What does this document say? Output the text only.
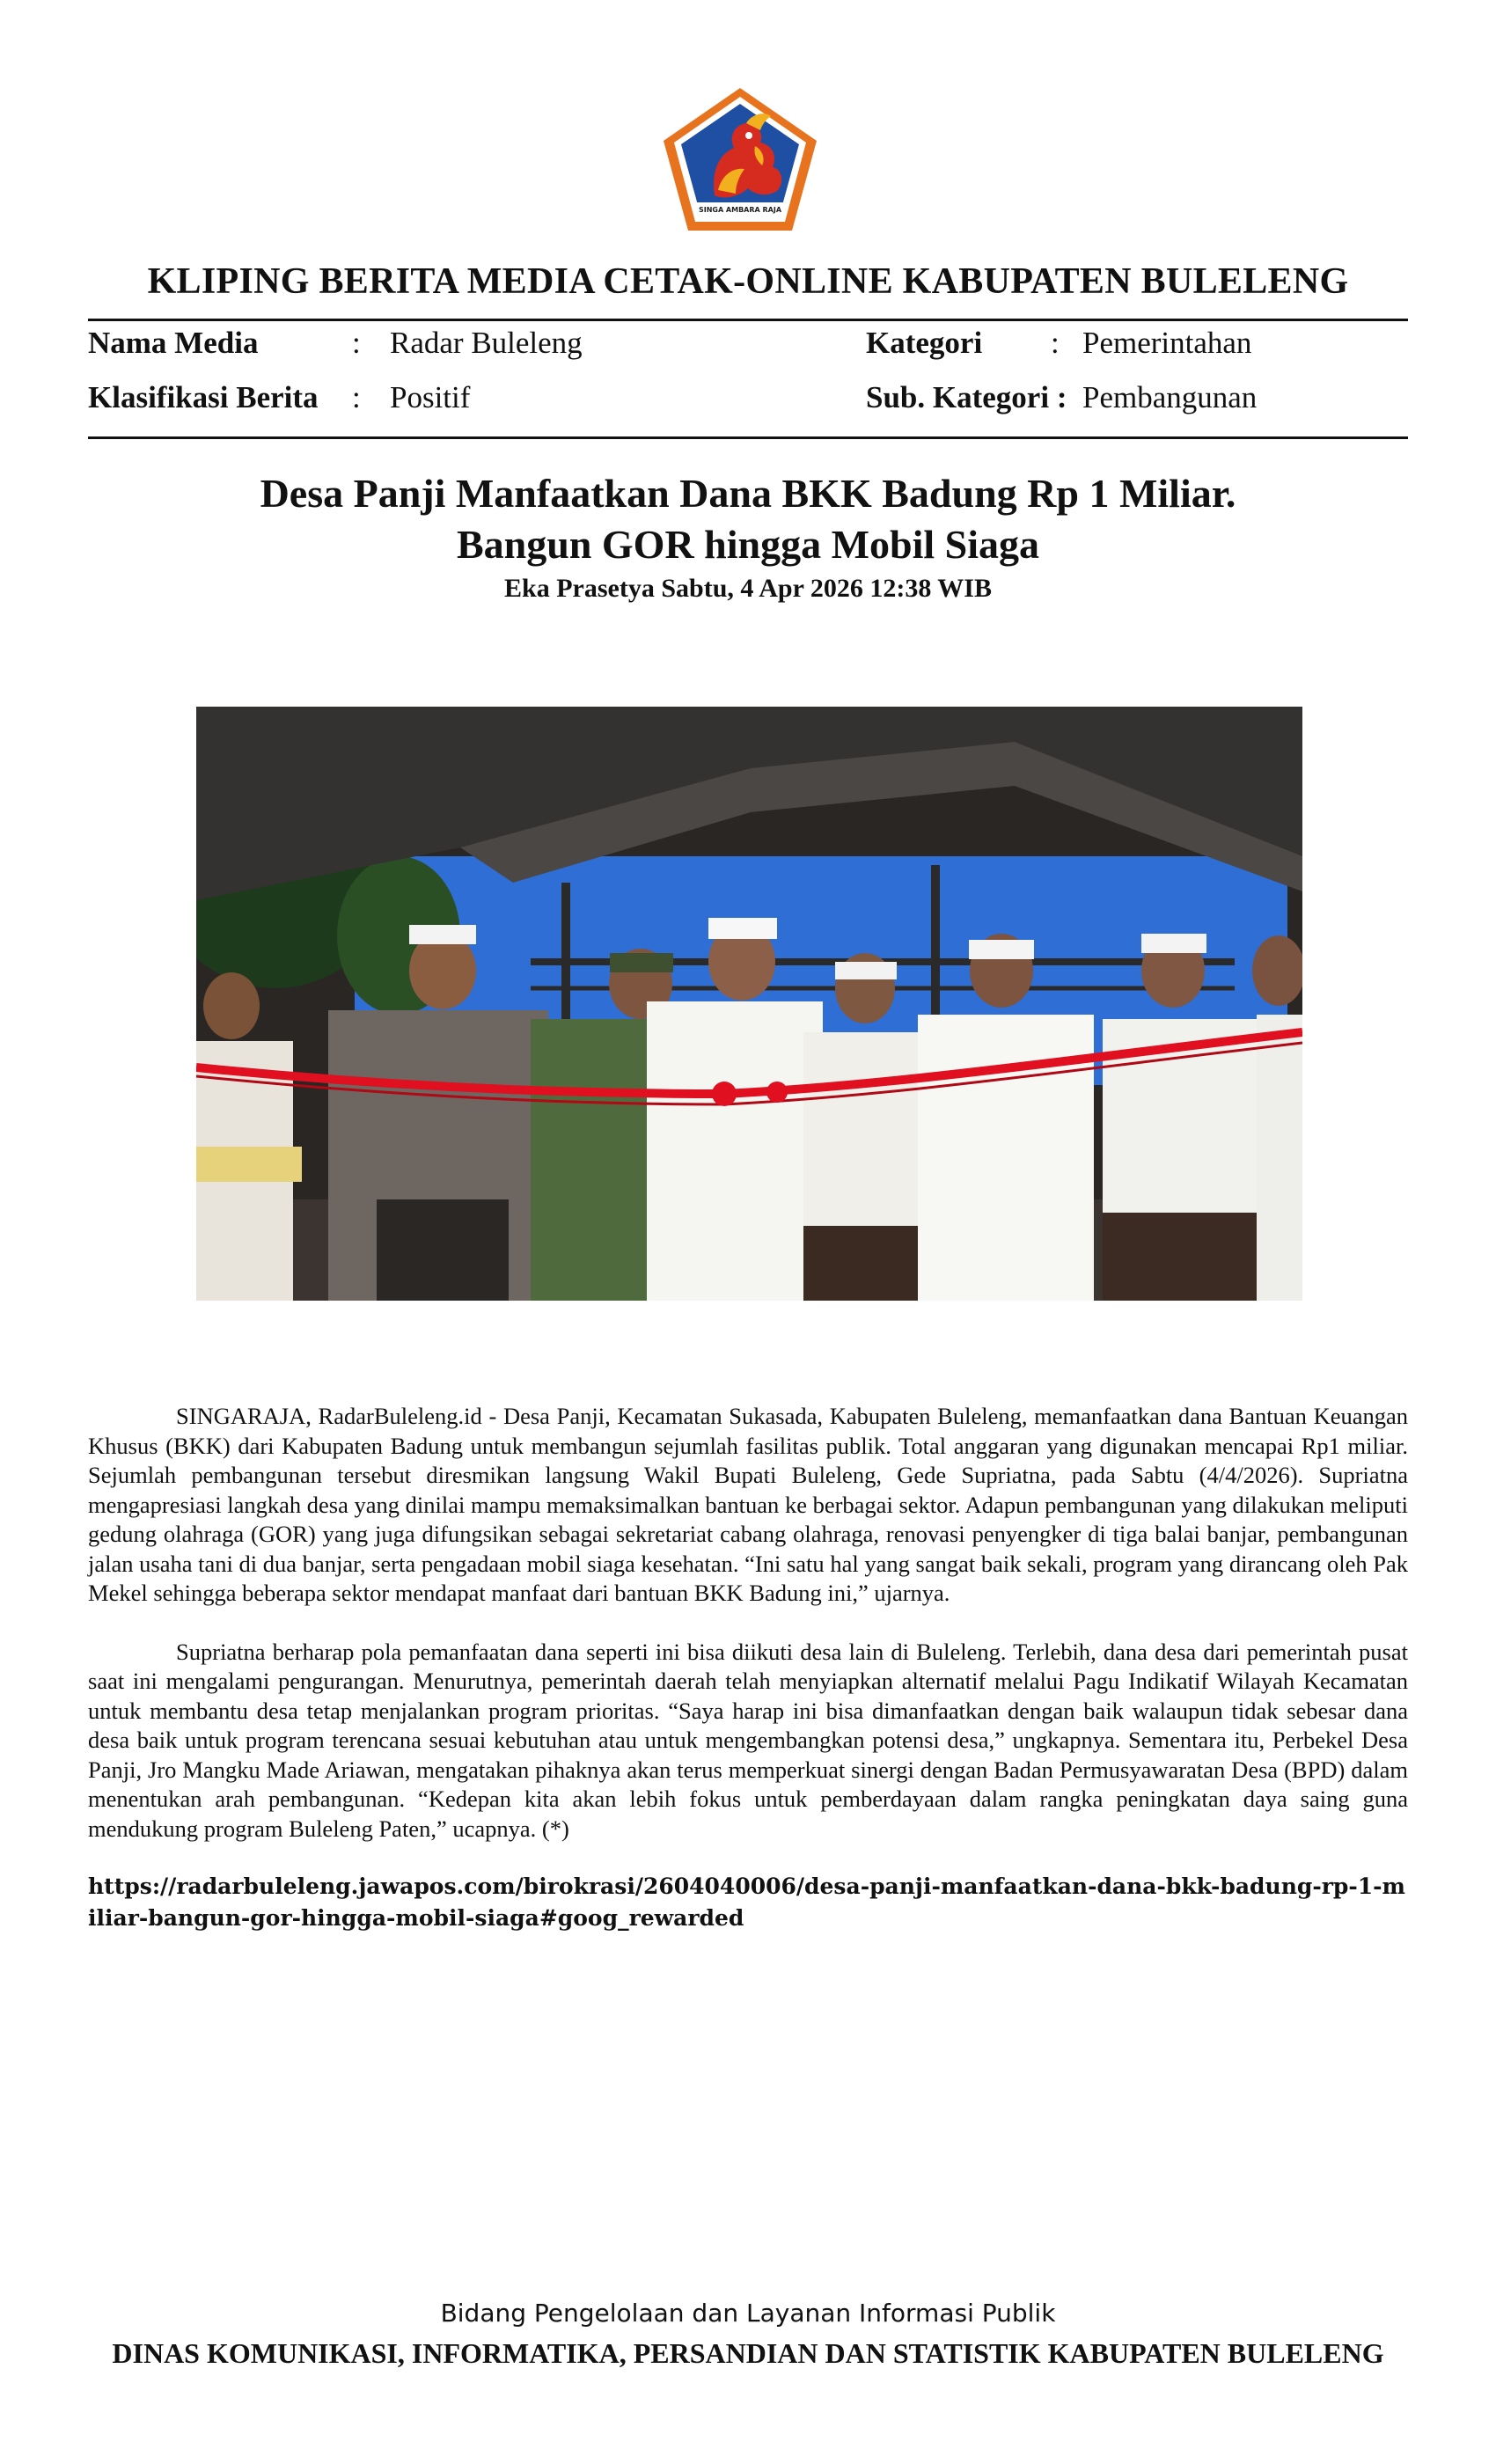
SINGA AMBARA RAJA
KLIPING BERITA MEDIA CETAK-ONLINE KABUPATEN BULELENG
Nama Media	: Radar Buleleng	Kategori : Pemerintahan
Klasifikasi Berita : Positif	Sub. Kategori : Pembangunan
Desa Panji Manfaatkan Dana BKK Badung Rp 1 Miliar.
Bangun GOR hingga Mobil Siaga
Eka Prasetya Sabtu, 4 Apr 2026 12:38 WIB

SINGARAJA, RadarBuleleng.id - Desa Panji, Kecamatan Sukasada, Kabupaten Buleleng, memanfaatkan dana Bantuan Keuangan Khusus (BKK) dari Kabupaten Badung untuk membangun sejumlah fasilitas publik. Total anggaran yang digunakan mencapai Rp1 miliar. Sejumlah pembangunan tersebut diresmikan langsung Wakil Bupati Buleleng, Gede Supriatna, pada Sabtu (4/4/2026). Supriatna mengapresiasi langkah desa yang dinilai mampu memaksimalkan bantuan ke berbagai sektor. Adapun pembangunan yang dilakukan meliputi gedung olahraga (GOR) yang juga difungsikan sebagai sekretariat cabang olahraga, renovasi penyengker di tiga balai banjar, pembangunan jalan usaha tani di dua banjar, serta pengadaan mobil siaga kesehatan. “Ini satu hal yang sangat baik sekali, program yang dirancang oleh Pak Mekel sehingga beberapa sektor mendapat manfaat dari bantuan BKK Badung ini,” ujarnya.

Supriatna berharap pola pemanfaatan dana seperti ini bisa diikuti desa lain di Buleleng. Terlebih, dana desa dari pemerintah pusat saat ini mengalami pengurangan. Menurutnya, pemerintah daerah telah menyiapkan alternatif melalui Pagu Indikatif Wilayah Kecamatan untuk membantu desa tetap menjalankan program prioritas. “Saya harap ini bisa dimanfaatkan dengan baik walaupun tidak sebesar dana desa baik untuk program terencana sesuai kebutuhan atau untuk mengembangkan potensi desa,” ungkapnya. Sementara itu, Perbekel Desa Panji, Jro Mangku Made Ariawan, mengatakan pihaknya akan terus memperkuat sinergi dengan Badan Permusyawaratan Desa (BPD) dalam menentukan arah pembangunan. “Kedepan kita akan lebih fokus untuk pemberdayaan dalam rangka peningkatan daya saing guna mendukung program Buleleng Paten,” ucapnya. (*)

https://radarbuleleng.jawapos.com/birokrasi/2604040006/desa-panji-manfaatkan-dana-bkk-badung-rp-1-miliar-bangun-gor-hingga-mobil-siaga#goog_rewarded
Bidang Pengelolaan dan Layanan Informasi Publik
DINAS KOMUNIKASI, INFORMATIKA, PERSANDIAN DAN STATISTIK KABUPATEN BULELENG
